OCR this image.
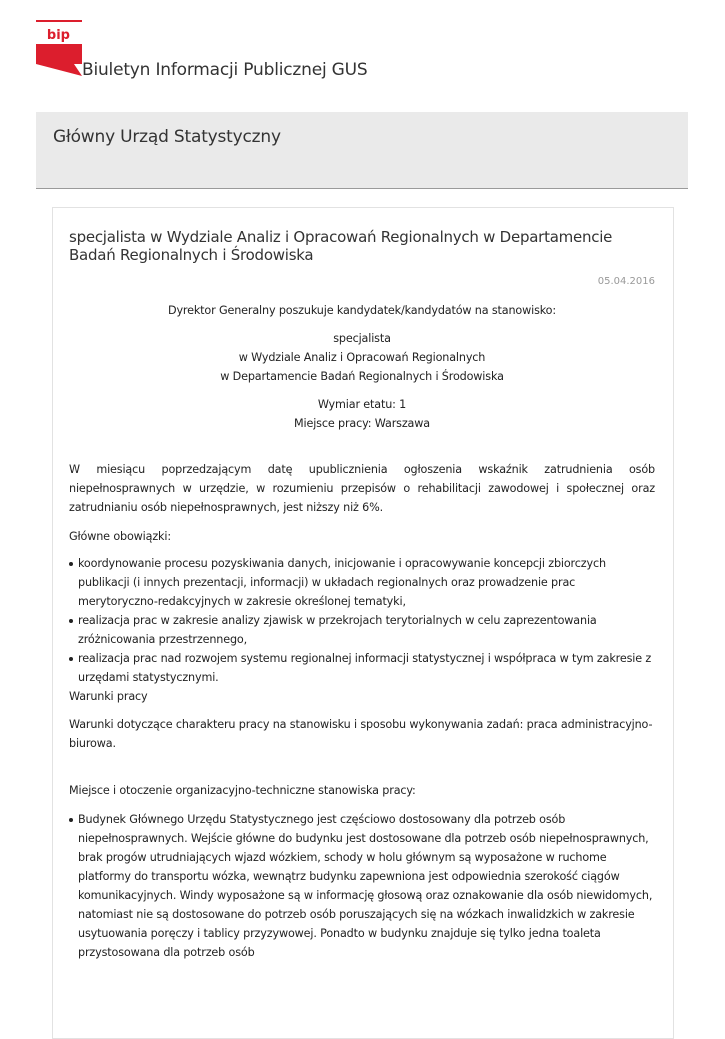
bip
Biuletyn Informacji Publicznej GUS
Główny Urząd Statystyczny
specjalista w Wydziale Analiz i Opracowań Regionalnych w Departamencie Badań Regionalnych i Środowiska
05.04.2016

Dyrektor Generalny poszukuje kandydatek/kandydatów na stanowisko:

specjalista
w Wydziale Analiz i Opracowań Regionalnych
w Departamencie Badań Regionalnych i Środowiska
Wymiar etatu: 1
Miejsce pracy: Warszawa

W miesiącu poprzedzającym datę upublicznienia ogłoszenia wskaźnik zatrudnienia osób niepełnosprawnych w urzędzie, w rozumieniu przepisów o rehabilitacji zawodowej i społecznej oraz zatrudnianiu osób niepełnosprawnych, jest niższy niż 6%.

Główne obowiązki:

koordynowanie procesu pozyskiwania danych, inicjowanie i opracowywanie koncepcji zbiorczych publikacji (i innych prezentacji, informacji) w układach regionalnych oraz prowadzenie prac merytoryczno-redakcyjnych w zakresie określonej tematyki,
realizacja prac w zakresie analizy zjawisk w przekrojach terytorialnych w celu zaprezentowania zróżnicowania przestrzennego,
realizacja prac nad rozwojem systemu regionalnej informacji statystycznej i współpraca w tym zakresie z urzędami statystycznymi.

Warunki pracy

Warunki dotyczące charakteru pracy na stanowisku i sposobu wykonywania zadań: praca administracyjno-biurowa.

Miejsce i otoczenie organizacyjno-techniczne stanowiska pracy:

Budynek Głównego Urzędu Statystycznego jest częściowo dostosowany dla potrzeb osób niepełnosprawnych. Wejście główne do budynku jest dostosowane dla potrzeb osób niepełnosprawnych, brak progów utrudniających wjazd wózkiem, schody w holu głównym są wyposażone w ruchome platformy do transportu wózka, wewnątrz budynku zapewniona jest odpowiednia szerokość ciągów komunikacyjnych. Windy wyposażone są w informację głosową oraz oznakowanie dla osób niewidomych, natomiast nie są dostosowane do potrzeb osób poruszających się na wózkach inwalidzkich w zakresie usytuowania poręczy i tablicy przyzywowej. Ponadto w budynku znajduje się tylko jedna toaleta przystosowana dla potrzeb osób
